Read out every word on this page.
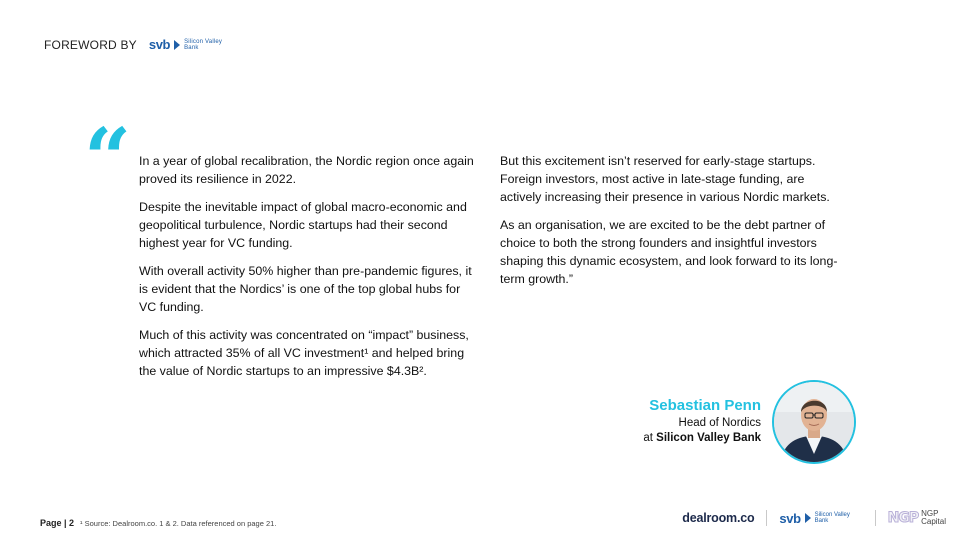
FOREWORD BY svb Silicon Valley
Bank
“ In a year of global recalibration, the Nordic region once again proved its resilience in 2022.

Despite the inevitable impact of global macro-economic and geopolitical turbulence, Nordic startups had their second highest year for VC funding.

With overall activity 50% higher than pre-pandemic figures, it is evident that the Nordics’ is one of the top global hubs for VC funding.

Much of this activity was concentrated on “impact” business, which attracted 35% of all VC investment¹ and helped bring the value of Nordic startups to an impressive $4.3B².

But this excitement isn’t reserved for early-stage startups. Foreign investors, most active in late-stage funding, are actively increasing their presence in various Nordic markets.

As an organisation, we are excited to be the debt partner of choice to both the strong founders and insightful investors shaping this dynamic ecosystem, and look forward to its long-term growth.”

Sebastian Penn
Head of Nordics
at Silicon Valley Bank
Page | 2 ¹ Source: Dealroom.co. 1 & 2. Data referenced on page 21.	dealroom.co svb Silicon Valley
Bank	NGP NGP
Capital
